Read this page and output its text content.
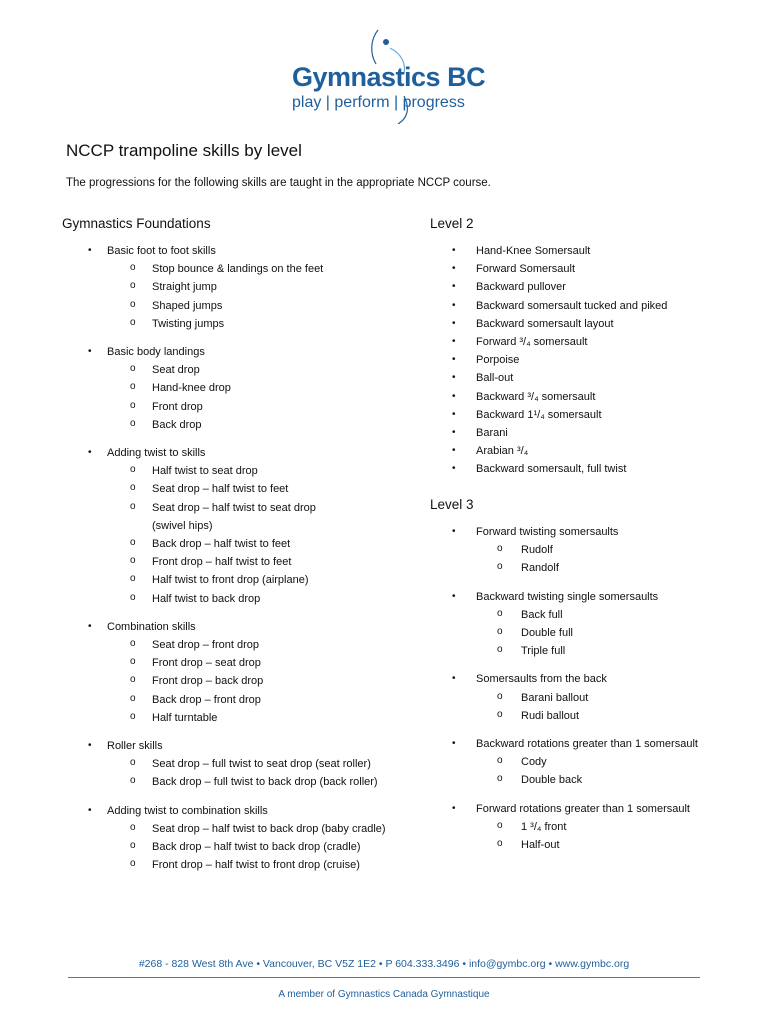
Gymnastics BC
play | perform | progress
NCCP trampoline skills by level
The progressions for the following skills are taught in the appropriate NCCP course.
Gymnastics Foundations
• Basic foot to foot skills
o Stop bounce & landings on the feet
o Straight jump
o Shaped jumps
o Twisting jumps
• Basic body landings
o Seat drop
o Hand-knee drop
o Front drop
o Back drop
• Adding twist to skills
o Half twist to seat drop
o Seat drop – half twist to feet
o Seat drop – half twist to seat drop
(swivel hips)
o Back drop – half twist to feet
o Front drop – half twist to feet
o Half twist to front drop (airplane)
o Half twist to back drop
• Combination skills
o Seat drop – front drop
o Front drop – seat drop
o Front drop – back drop
o Back drop – front drop
o Half turntable
• Roller skills
o Seat drop – full twist to seat drop (seat roller)
o Back drop – full twist to back drop (back roller)
• Adding twist to combination skills
o Seat drop – half twist to back drop (baby cradle)
o Back drop – half twist to back drop (cradle)
o Front drop – half twist to front drop (cruise)
Level 2
• Hand-Knee Somersault
• Forward Somersault
• Backward pullover
• Backward somersault tucked and piked
• Backward somersault layout
• Forward ³/₄ somersault
• Porpoise
• Ball-out
• Backward ³/₄ somersault
• Backward 1¹/₄ somersault
• Barani
• Arabian ³/₄
• Backward somersault, full twist
Level 3
• Forward twisting somersaults
o Rudolf
o Randolf
• Backward twisting single somersaults
o Back full
o Double full
o Triple full
• Somersaults from the back
o Barani ballout
o Rudi ballout
• Backward rotations greater than 1 somersault
o Cody
o Double back
• Forward rotations greater than 1 somersault
o 1 ³/₄ front
o Half-out
#268 - 828 West 8th Ave • Vancouver, BC V5Z 1E2 • P 604.333.3496 • info@gymbc.org • www.gymbc.org
A member of Gymnastics Canada Gymnastique
